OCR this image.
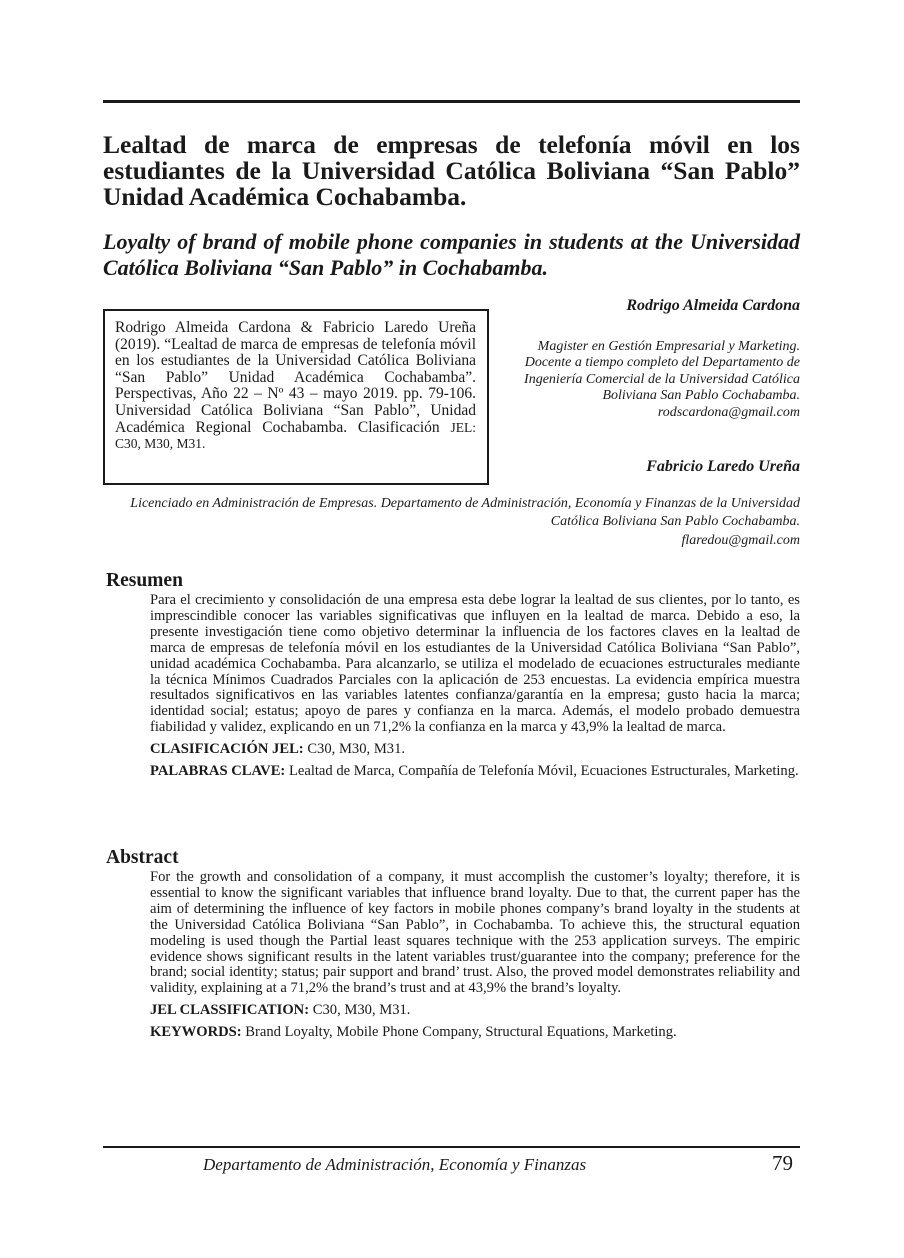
Lealtad de marca de empresas de telefonía móvil en los estudiantes de la Universidad Católica Boliviana “San Pablo” Unidad Académica Cochabamba.
Loyalty of brand of mobile phone companies in students at the Universidad Católica Boliviana “San Pablo” in Cochabamba.
Rodrigo Almeida Cardona & Fabricio Laredo Ureña (2019). “Lealtad de marca de empresas de telefonía móvil en los estudiantes de la Universidad Católica Boliviana “San Pablo” Unidad Académica Cochabamba”. Perspectivas, Año 22 – Nº 43 – mayo 2019. pp. 79-106. Universidad Católica Boliviana “San Pablo”, Unidad Académica Regional Cochabamba. Clasificación JEL: C30, M30, M31.
Rodrigo Almeida Cardona
Magister en Gestión Empresarial y Marketing. Docente a tiempo completo del Departamento de Ingeniería Comercial de la Universidad Católica Boliviana San Pablo Cochabamba.
rodscardona@gmail.com
Fabricio Laredo Ureña
Licenciado en Administración de Empresas. Departamento de Administración, Economía y Finanzas de la Universidad Católica Boliviana San Pablo Cochabamba.
flaredou@gmail.com
Resumen

Para el crecimiento y consolidación de una empresa esta debe lograr la lealtad de sus clientes, por lo tanto, es imprescindible conocer las variables significativas que influyen en la lealtad de marca. Debido a eso, la presente investigación tiene como objetivo determinar la influencia de los factores claves en la lealtad de marca de empresas de telefonía móvil en los estudiantes de la Universidad Católica Boliviana “San Pablo”, unidad académica Cochabamba. Para alcanzarlo, se utiliza el modelado de ecuaciones estructurales mediante la técnica Mínimos Cuadrados Parciales con la aplicación de 253 encuestas. La evidencia empírica muestra resultados significativos en las variables latentes confianza/garantía en la empresa; gusto hacia la marca; identidad social; estatus; apoyo de pares y confianza en la marca. Además, el modelo probado demuestra fiabilidad y validez, explicando en un 71,2% la confianza en la marca y 43,9% la lealtad de marca.

CLASIFICACIÓN JEL: C30, M30, M31.

PALABRAS CLAVE: Lealtad de Marca, Compañía de Telefonía Móvil, Ecuaciones Estructurales, Marketing.

Abstract

For the growth and consolidation of a company, it must accomplish the customer’s loyalty; therefore, it is essential to know the significant variables that influence brand loyalty. Due to that, the current paper has the aim of determining the influence of key factors in mobile phones company’s brand loyalty in the students at the Universidad Católica Boliviana “San Pablo”, in Cochabamba. To achieve this, the structural equation modeling is used though the Partial least squares technique with the 253 application surveys. The empiric evidence shows significant results in the latent variables trust/guarantee into the company; preference for the brand; social identity; status; pair support and brand’ trust. Also, the proved model demonstrates reliability and validity, explaining at a 71,2% the brand’s trust and at 43,9% the brand’s loyalty.

JEL CLASSIFICATION: C30, M30, M31.

KEYWORDS: Brand Loyalty, Mobile Phone Company, Structural Equations, Marketing.

Departamento de Administración, Economía y Finanzas	79
